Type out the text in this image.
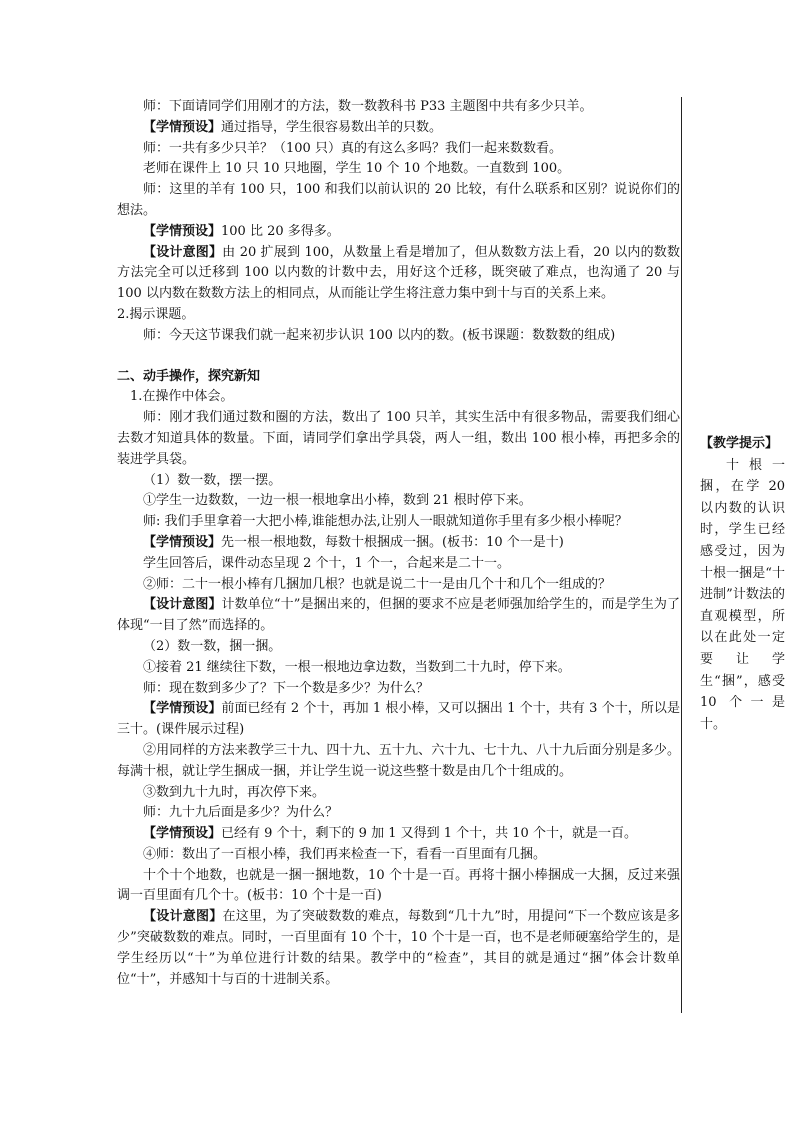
师：下面请同学们用刚才的方法，数一数教科书 P33 主题图中共有多少只羊。

【学情预设】通过指导，学生很容易数出羊的只数。

师：一共有多少只羊？（100 只）真的有这么多吗？我们一起来数数看。

老师在课件上 10 只 10 只地圈，学生 10 个 10 个地数。一直数到 100。

师：这里的羊有 100 只，100 和我们以前认识的 20 比较，有什么联系和区别？说说你们的想法。

【学情预设】100 比 20 多得多。

【设计意图】由 20 扩展到 100，从数量上看是增加了，但从数数方法上看，20 以内的数数方法完全可以迁移到 100 以内数的计数中去，用好这个迁移，既突破了难点，也沟通了 20 与 100 以内数在数数方法上的相同点，从而能让学生将注意力集中到十与百的关系上来。

2.揭示课题。

师：今天这节课我们就一起来初步认识 100 以内的数。(板书课题：数数数的组成)

二、动手操作，探究新知

1.在操作中体会。

师：刚才我们通过数和圈的方法，数出了 100 只羊，其实生活中有很多物品，需要我们细心去数才知道具体的数量。下面，请同学们拿出学具袋，两人一组，数出 100 根小棒，再把多余的装进学具袋。

（1）数一数，摆一摆。

①学生一边数数，一边一根一根地拿出小棒，数到 21 根时停下来。

师: 我们手里拿着一大把小棒,谁能想办法,让别人一眼就知道你手里有多少根小棒呢？

【学情预设】先一根一根地数，每数十根捆成一捆。(板书：10 个一是十)

学生回答后，课件动态呈现 2 个十，1 个一，合起来是二十一。

②师：二十一根小棒有几捆加几根？也就是说二十一是由几个十和几个一组成的？

【设计意图】计数单位“十”是捆出来的，但捆的要求不应是老师强加给学生的，而是学生为了体现“一目了然”而选择的。

（2）数一数，捆一捆。

①接着 21 继续往下数，一根一根地边拿边数，当数到二十九时，停下来。

师：现在数到多少了？下一个数是多少？为什么？

【学情预设】前面已经有 2 个十，再加 1 根小棒，又可以捆出 1 个十，共有 3 个十，所以是三十。(课件展示过程)

②用同样的方法来教学三十九、四十九、五十九、六十九、七十九、八十九后面分别是多少。每满十根，就让学生捆成一捆，并让学生说一说这些整十数是由几个十组成的。

③数到九十九时，再次停下来。

师：九十九后面是多少？为什么？

【学情预设】已经有 9 个十，剩下的 9 加 1 又得到 1 个十，共 10 个十，就是一百。

④师：数出了一百根小棒，我们再来检查一下，看看一百里面有几捆。

十个十个地数，也就是一捆一捆地数，10 个十是一百。再将十捆小棒捆成一大捆，反过来强调一百里面有几个十。(板书：10 个十是一百)

【设计意图】在这里，为了突破数数的难点，每数到“几十九”时，用提问“下一个数应该是多少”突破数数的难点。同时，一百里面有 10 个十，10 个十是一百，也不是老师硬塞给学生的，是学生经历以“十”为单位进行计数的结果。教学中的“检查”，其目的就是通过“捆”体会计数单位“十”，并感知十与百的十进制关系。

【教学提示】
十根一捆，在学 20 以内数的认识时，学生已经感受过，因为十根一捆是“十进制”计数法的直观模型，所以在此处一定要让学生“捆”，感受 10 个一是十。
